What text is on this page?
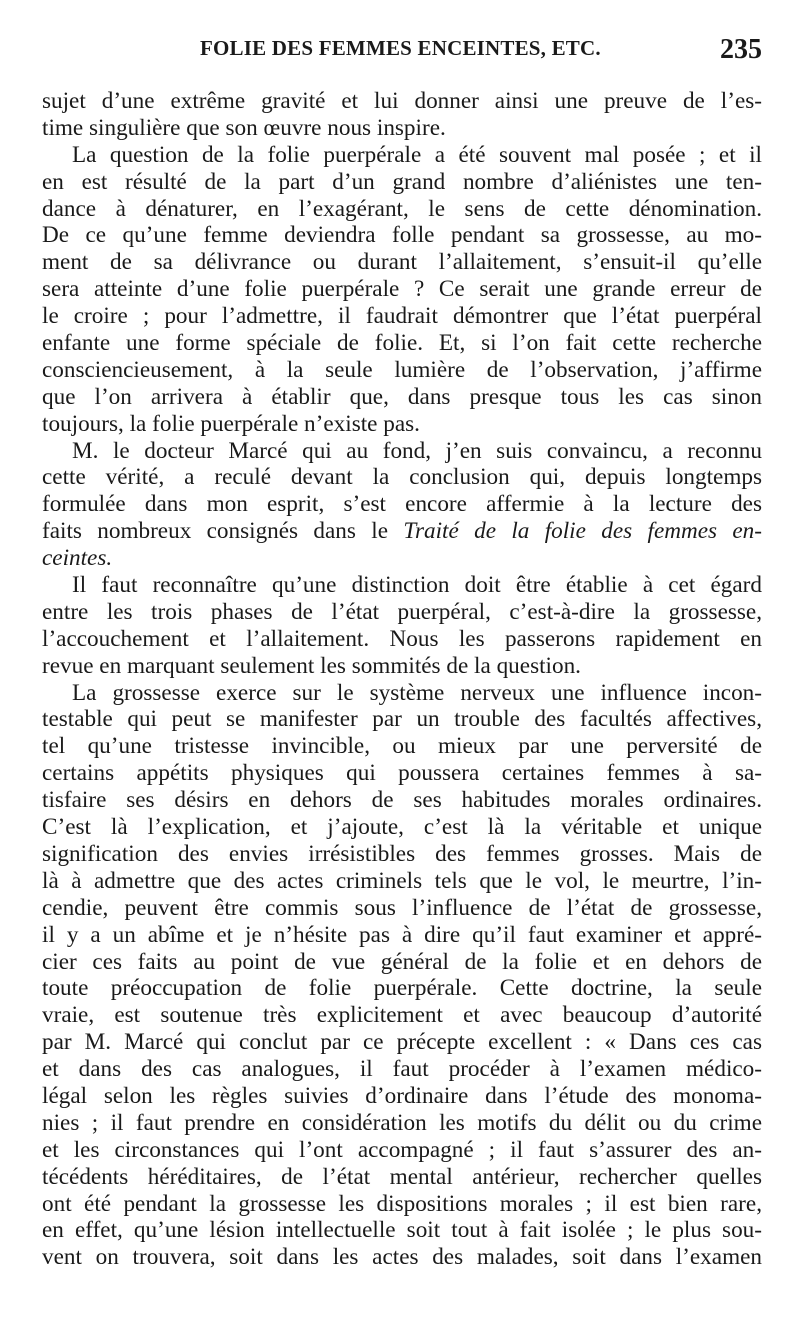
FOLIE DES FEMMES ENCEINTES, ETC.	235
sujet d’une extrême gravité et lui donner ainsi une preuve de l’es-
time singulière que son œuvre nous inspire.
La question de la folie puerpérale a été souvent mal posée ; et il
en est résulté de la part d’un grand nombre d’aliénistes une ten-
dance à dénaturer, en l’exagérant, le sens de cette dénomination.
De ce qu’une femme deviendra folle pendant sa grossesse, au mo-
ment de sa délivrance ou durant l’allaitement, s’ensuit-il qu’elle
sera atteinte d’une folie puerpérale ? Ce serait une grande erreur de
le croire ; pour l’admettre, il faudrait démontrer que l’état puerpéral
enfante une forme spéciale de folie. Et, si l’on fait cette recherche
consciencieusement, à la seule lumière de l’observation, j’affirme
que l’on arrivera à établir que, dans presque tous les cas sinon
toujours, la folie puerpérale n’existe pas.
M. le docteur Marcé qui au fond, j’en suis convaincu, a reconnu
cette vérité, a reculé devant la conclusion qui, depuis longtemps
formulée dans mon esprit, s’est encore affermie à la lecture des
faits nombreux consignés dans le Traité de la folie des femmes en-
ceintes.
Il faut reconnaître qu’une distinction doit être établie à cet égard
entre les trois phases de l’état puerpéral, c’est-à-dire la grossesse,
l’accouchement et l’allaitement. Nous les passerons rapidement en
revue en marquant seulement les sommités de la question.
La grossesse exerce sur le système nerveux une influence incon-
testable qui peut se manifester par un trouble des facultés affectives,
tel qu’une tristesse invincible, ou mieux par une perversité de
certains appétits physiques qui poussera certaines femmes à sa-
tisfaire ses désirs en dehors de ses habitudes morales ordinaires.
C’est là l’explication, et j’ajoute, c’est là la véritable et unique
signification des envies irrésistibles des femmes grosses. Mais de
là à admettre que des actes criminels tels que le vol, le meurtre, l’in-
cendie, peuvent être commis sous l’influence de l’état de grossesse,
il y a un abîme et je n’hésite pas à dire qu’il faut examiner et appré-
cier ces faits au point de vue général de la folie et en dehors de
toute préoccupation de folie puerpérale. Cette doctrine, la seule
vraie, est soutenue très explicitement et avec beaucoup d’autorité
par M. Marcé qui conclut par ce précepte excellent : « Dans ces cas
et dans des cas analogues, il faut procéder à l’examen médico-
légal selon les règles suivies d’ordinaire dans l’étude des monoma-
nies ; il faut prendre en considération les motifs du délit ou du crime
et les circonstances qui l’ont accompagné ; il faut s’assurer des an-
técédents héréditaires, de l’état mental antérieur, rechercher quelles
ont été pendant la grossesse les dispositions morales ; il est bien rare,
en effet, qu’une lésion intellectuelle soit tout à fait isolée ; le plus sou-
vent on trouvera, soit dans les actes des malades, soit dans l’examen
